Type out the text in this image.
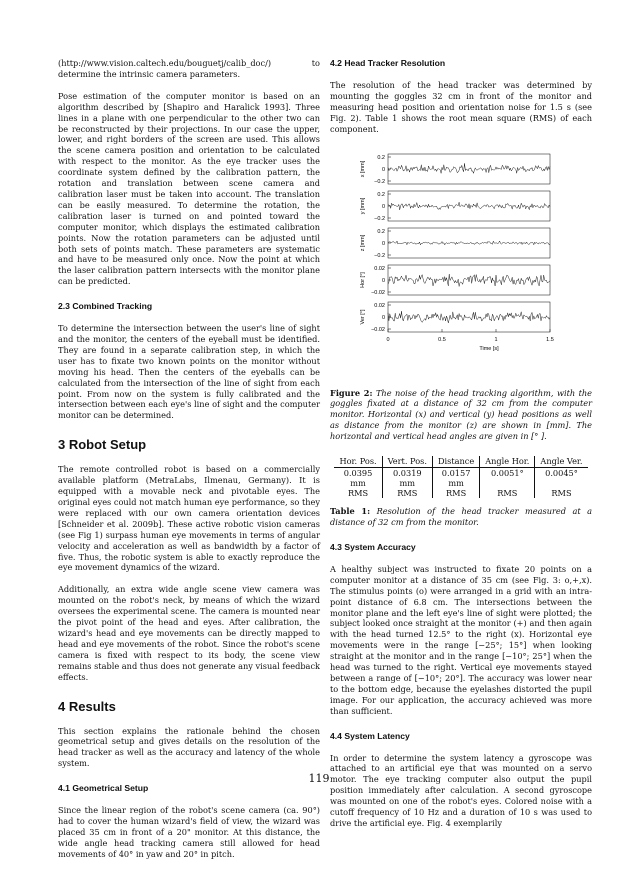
(http://www.vision.caltech.edu/bouguetj/calib_doc/) to determine the intrinsic camera parameters.

Pose estimation of the computer monitor is based on an algorithm described by [Shapiro and Haralick 1993]. Three lines in a plane with one perpendicular to the other two can be reconstructed by their projections. In our case the upper, lower, and right borders of the screen are used. This allows the scene camera position and orientation to be calculated with respect to the monitor. As the eye tracker uses the coordinate system defined by the calibration pattern, the rotation and translation between scene camera and calibration laser must be taken into account. The translation can be easily measured. To determine the rotation, the calibration laser is turned on and pointed toward the computer monitor, which displays the estimated calibration points. Now the rotation parameters can be adjusted until both sets of points match. These parameters are systematic and have to be measured only once. Now the point at which the laser calibration pattern intersects with the monitor plane can be predicted.

2.3 Combined Tracking

To determine the intersection between the user's line of sight and the monitor, the centers of the eyeball must be identified. They are found in a separate calibration step, in which the user has to fixate two known points on the monitor without moving his head. Then the centers of the eyeballs can be calculated from the intersection of the line of sight from each point. From now on the system is fully calibrated and the intersection between each eye's line of sight and the computer monitor can be determined.

3 Robot Setup

The remote controlled robot is based on a commercially available platform (MetraLabs, Ilmenau, Germany). It is equipped with a movable neck and pivotable eyes. The original eyes could not match human eye performance, so they were replaced with our own camera orientation devices [Schneider et al. 2009b]. These active robotic vision cameras (see Fig 1) surpass human eye movements in terms of angular velocity and acceleration as well as bandwidth by a factor of five. Thus, the robotic system is able to exactly reproduce the eye movement dynamics of the wizard.

Additionally, an extra wide angle scene view camera was mounted on the robot's neck, by means of which the wizard oversees the experimental scene. The camera is mounted near the pivot point of the head and eyes. After calibration, the wizard's head and eye movements can be directly mapped to head and eye movements of the robot. Since the robot's scene camera is fixed with respect to its body, the scene view remains stable and thus does not generate any visual feedback effects.

4 Results

This section explains the rationale behind the chosen geometrical setup and gives details on the resolution of the head tracker as well as the accuracy and latency of the whole system.

4.1 Geometrical Setup

Since the linear region of the robot's scene camera (ca. 90°) had to cover the human wizard's field of view, the wizard was placed 35 cm in front of a 20" monitor. At this distance, the wide angle head tracking camera still allowed for head movements of 40° in yaw and 20° in pitch.

4.2 Head Tracker Resolution

The resolution of the head tracker was determined by mounting the goggles 32 cm in front of the monitor and measuring head position and orientation noise for 1.5 s (see Fig. 2). Table 1 shows the root mean square (RMS) of each component.

0.2
0
−0.2
x [mm]
0.2
0
−0.2
y [mm]
0.2
0
−0.2
z [mm]
0.02
0
−0.02
Hor [°]
0.02
0
−0.02
Ver [°]
0	0.5	1	1.5
Time [s]
Figure 2: The noise of the head tracking algorithm, with the goggles fixated at a distance of 32 cm from the computer monitor. Horizontal (x) and vertical (y) head positions as well as distance from the monitor (z) are shown in [mm]. The horizontal and vertical head angles are given in [° ].
Hor. Pos.	Vert. Pos.	Distance	Angle Hor.	Angle Ver.
0.0395	0.0319	0.0157	0.0051°	0.0045°
mm	mm	mm		
RMS	RMS	RMS	RMS	RMS
Table 1: Resolution of the head tracker measured at a distance of 32 cm from the monitor.
4.3 System Accuracy

A healthy subject was instructed to fixate 20 points on a computer monitor at a distance of 35 cm (see Fig. 3: o,+,x). The stimulus points (o) were arranged in a grid with an intra-point distance of 6.8 cm. The intersections between the monitor plane and the left eye's line of sight were plotted; the subject looked once straight at the monitor (+) and then again with the head turned 12.5° to the right (x). Horizontal eye movements were in the range [−25°; 15°] when looking straight at the monitor and in the range [−10°; 25°] when the head was turned to the right. Vertical eye movements stayed between a range of [−10°; 20°]. The accuracy was lower near to the bottom edge, because the eyelashes distorted the pupil image. For our application, the accuracy achieved was more than sufficient.

4.4 System Latency

In order to determine the system latency a gyroscope was attached to an artificial eye that was mounted on a servo motor. The eye tracking computer also output the pupil position immediately after calculation. A second gyroscope was mounted on one of the robot's eyes. Colored noise with a cutoff frequency of 10 Hz and a duration of 10 s was used to drive the artificial eye. Fig. 4 exemplarily

119
